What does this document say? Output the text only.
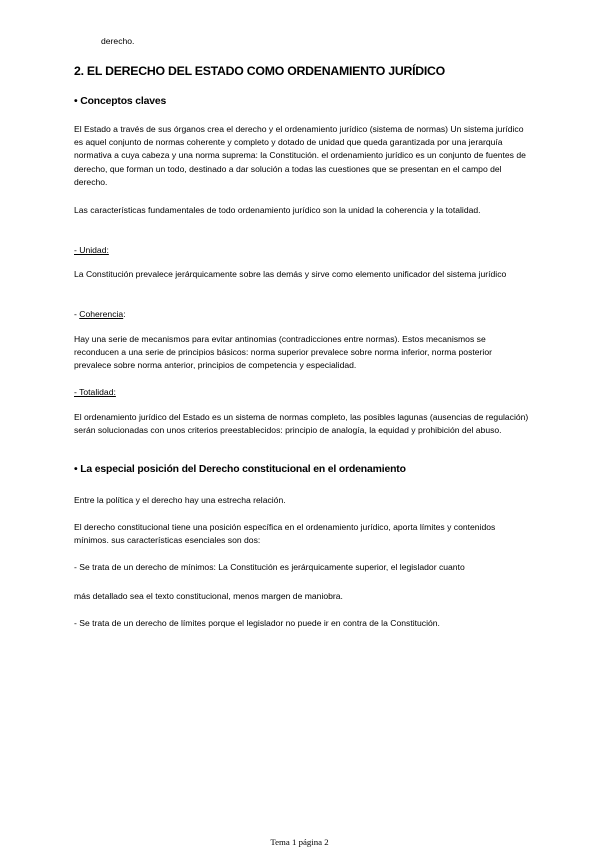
derecho.
2. EL DERECHO DEL ESTADO COMO ORDENAMIENTO JURÍDICO
• Conceptos claves

El Estado a través de sus órganos crea el derecho y el ordenamiento jurídico (sistema de normas) Un sistema jurídico es aquel conjunto de normas coherente y completo y dotado de unidad que queda garantizada por una jerarquía normativa a cuya cabeza y una norma suprema: la Constitución. el ordenamiento jurídico es un conjunto de fuentes de derecho, que forman un todo, destinado a dar solución a todas las cuestiones que se presentan en el campo del derecho.

Las características fundamentales de todo ordenamiento jurídico son la unidad la coherencia y la totalidad.

- Unidad:

La Constitución prevalece jerárquicamente sobre las demás y sirve como elemento unificador del sistema jurídico

- Coherencia:

Hay una serie de mecanismos para evitar antinomias (contradicciones entre normas). Estos mecanismos se reconducen a una serie de principios básicos: norma superior prevalece sobre norma inferior, norma posterior prevalece sobre norma anterior, principios de competencia y especialidad.

- Totalidad:

El ordenamiento jurídico del Estado es un sistema de normas completo, las posibles lagunas (ausencias de regulación) serán solucionadas con unos criterios preestablecidos: principio de analogía, la equidad y prohibición del abuso.

• La especial posición del Derecho constitucional en el ordenamiento

Entre la política y el derecho hay una estrecha relación.

El derecho constitucional tiene una posición específica en el ordenamiento jurídico, aporta límites y contenidos mínimos. sus características esenciales son dos:

- Se trata de un derecho de mínimos: La Constitución es jerárquicamente superior, el legislador cuanto

más detallado sea el texto constitucional, menos margen de maniobra.

- Se trata de un derecho de límites porque el legislador no puede ir en contra de la Constitución.

Tema 1 página 2
